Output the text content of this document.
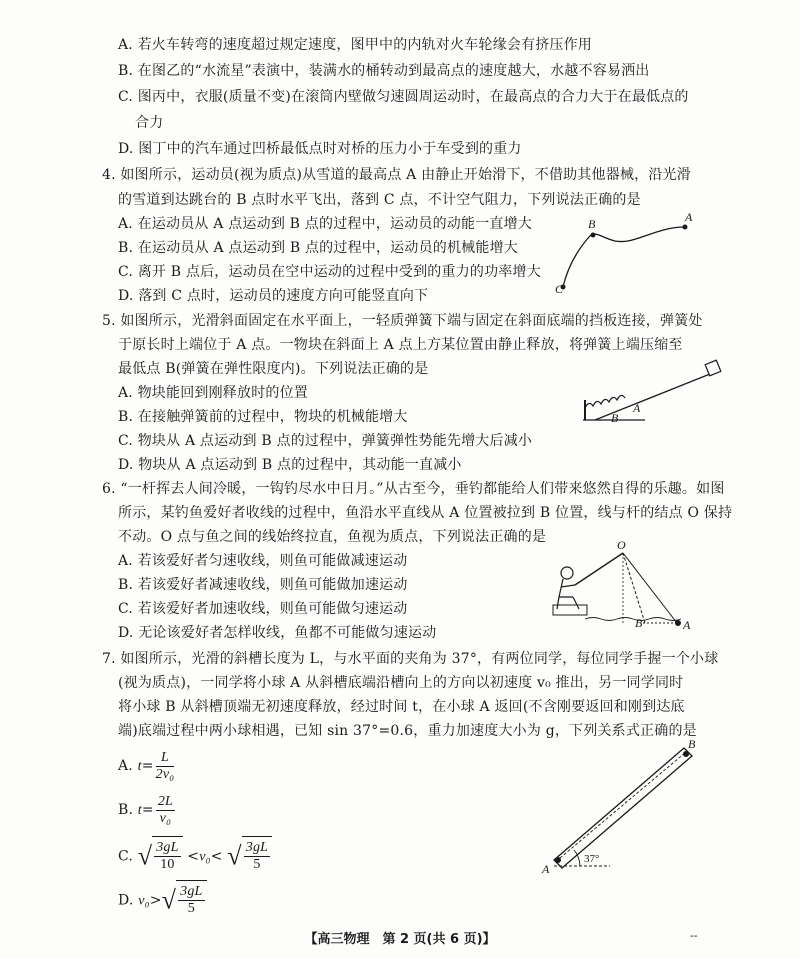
A. 若火车转弯的速度超过规定速度，图甲中的内轨对火车轮缘会有挤压作用
B. 在图乙的“水流星”表演中，装满水的桶转动到最高点的速度越大，水越不容易洒出
C. 图丙中，衣服(质量不变)在滚筒内壁做匀速圆周运动时，在最高点的合力大于在最低点的
合力
D. 图丁中的汽车通过凹桥最低点时对桥的压力小于车受到的重力
4. 如图所示，运动员(视为质点)从雪道的最高点 A 由静止开始滑下，不借助其他器械，沿光滑
的雪道到达跳台的 B 点时水平飞出，落到 C 点，不计空气阻力，下列说法正确的是
A. 在运动员从 A 点运动到 B 点的过程中，运动员的动能一直增大
B. 在运动员从 A 点运动到 B 点的过程中，运动员的机械能增大
C. 离开 B 点后，运动员在空中运动的过程中受到的重力的功率增大
D. 落到 C 点时，运动员的速度方向可能竖直向下
A
B
C
5. 如图所示，光滑斜面固定在水平面上，一轻质弹簧下端与固定在斜面底端的挡板连接，弹簧处
于原长时上端位于 A 点。一物块在斜面上 A 点上方某位置由静止释放，将弹簧上端压缩至
最低点 B(弹簧在弹性限度内)。下列说法正确的是
A. 物块能回到刚释放时的位置
B. 在接触弹簧前的过程中，物块的机械能增大
C. 物块从 A 点运动到 B 点的过程中，弹簧弹性势能先增大后减小
D. 物块从 A 点运动到 B 点的过程中，其动能一直减小
A
B
6. “一杆挥去人间冷暖，一钩钓尽水中日月。”从古至今，垂钓都能给人们带来悠然自得的乐趣。如图
所示，某钓鱼爱好者收线的过程中，鱼沿水平直线从 A 位置被拉到 B 位置，线与杆的结点 O 保持
不动。O 点与鱼之间的线始终拉直，鱼视为质点，下列说法正确的是
A. 若该爱好者匀速收线，则鱼可能做减速运动
B. 若该爱好者减速收线，则鱼可能做加速运动
C. 若该爱好者加速收线，则鱼可能做匀速运动
D. 无论该爱好者怎样收线，鱼都不可能做匀速运动
O
B	A
7. 如图所示，光滑的斜槽长度为 L，与水平面的夹角为 37°，有两位同学，每位同学手握一个小球
(视为质点)，一同学将小球 A 从斜槽底端沿槽向上的方向以初速度 v₀ 推出，另一同学同时
将小球 B 从斜槽顶端无初速度释放，经过时间 t，在小球 A 返回(不含刚要返回和刚到达底
端)底端过程中两小球相遇，已知 sin 37°=0.6，重力加速度大小为 g，下列关系式正确的是
A. $t= \frac{L}{\text{2v₀}}$
B. $t= \frac{2L}{\text{v₀}}$
C. √ $\frac{3gL}{10} <v_0<$ √ $\frac{3gL}{5}$
D. $v_0>√ \frac{3gL}{5}$
A
B
37°
【高三物理　第 2 页(共 6 页)】	--
